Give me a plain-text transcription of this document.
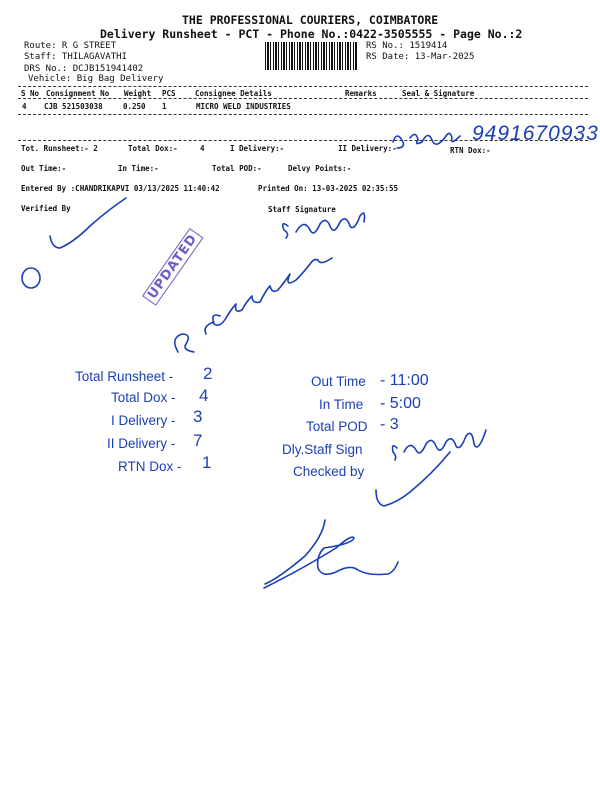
THE PROFESSIONAL COURIERS, COIMBATORE
Delivery Runsheet - PCT - Phone No.:0422-3505555 - Page No.:2
Route: R G STREET
Staff: THILAGAVATHI
DRS No.: DCJB151941402
Vehicle: Big Bag Delivery
RS No.: 1519414
RS Date: 13-Mar-2025
S No Consignment No Weight PCS	Consignee Details	Remarks	Seal & Signature
4 CJB 521503038	0.250 1	MICRO WELD INDUSTRIES
Tot. Runsheet:- 2	Total Dox:-	4	I Delivery:-	II Delivery:-	RTN Dox:-
Out Time:-	In Time:-	Total POD:-	Delvy Points:-
Entered By :CHANDRIKAPVI 03/13/2025 11:40:42	Printed On: 13-03-2025 02:35:55
Verified By	Staff Signature
9491670933
UPDATED
Total Runsheet - 2
Total Dox - 4
I Delivery - 3
II Delivery - 7
RTN Dox - 1
Out Time - 11:00
In Time - 5:00
Total POD - 3
Dly.Staff Sign
Checked by
